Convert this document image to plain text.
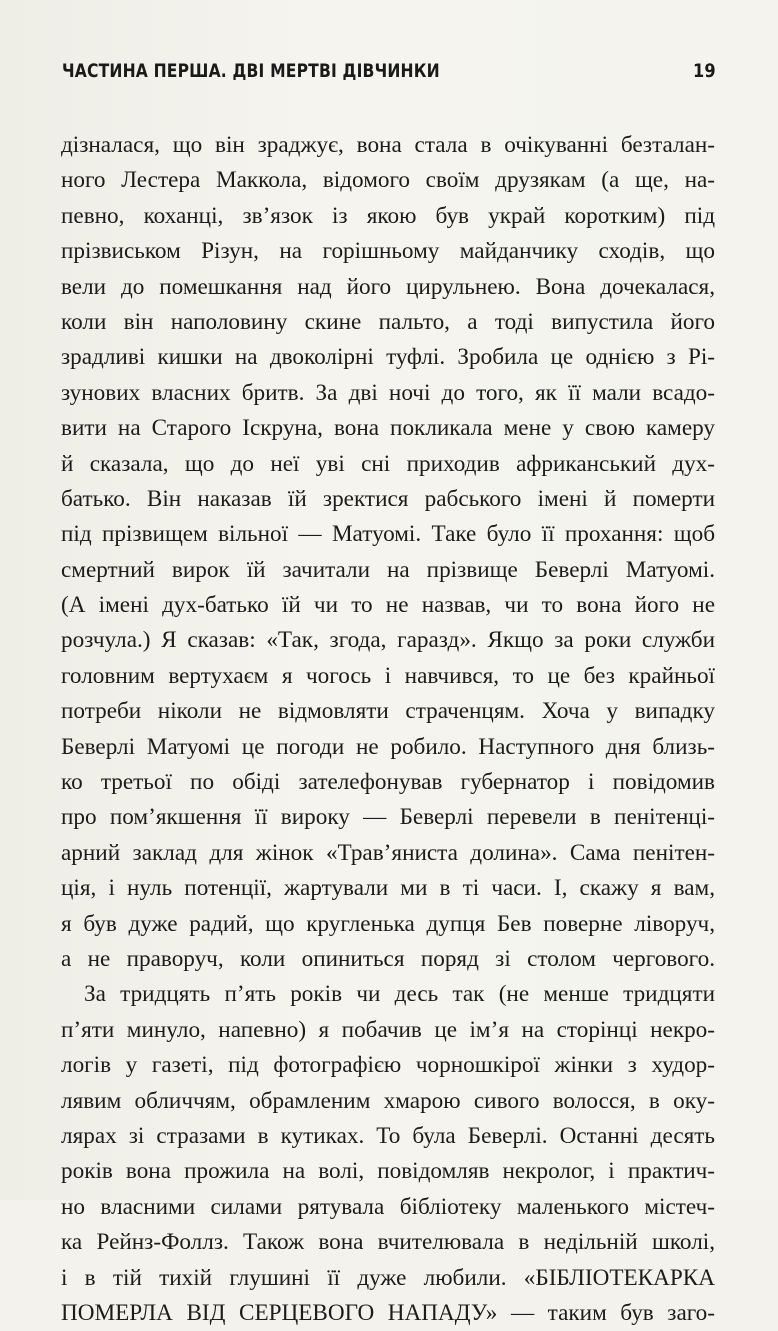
ЧАСТИНА ПЕРША. ДВІ МЕРТВІ ДІВЧИНКИ	19
дізналася, що він зраджує, вона стала в очікуванні безталан-
ного Лестера Макколa, відомого своїм друзякам (а ще, на-
певно, коханці, зв’язок із якою був украй коротким) під
прізвиськом Різун, на горішньому майданчику сходів, що
вели до помешкання над його цирульнею. Вона дочекалася,
коли він наполовину скине пальто, а тоді випустила його
зрадливі кишки на двоколірні туфлі. Зробила це однією з Рі-
зунових власних бритв. За дві ночі до того, як її мали всадо-
вити на Старого Іскруна, вона покликала мене у свою камеру
й сказала, що до неї уві сні приходив африканський дух-
батько. Він наказав їй зректися рабського імені й померти
під прізвищем вільної — Матуомі. Таке було її прохання: щоб
смертний вирок їй зачитали на прізвище Беверлі Матуомі.
(А імені дух-батько їй чи то не назвав, чи то вона його не
розчула.) Я сказав: «Так, згода, гаразд». Якщо за роки служби
головним вертухаєм я чогось і навчився, то це без крайньої
потреби ніколи не відмовляти страченцям. Хоча у випадку
Беверлі Матуомі це погоди не робило. Наступного дня близь-
ко третьої по обіді зателефонував губернатор і повідомив
про пом’якшення її вироку — Беверлі перевели в пенітенці-
арний заклад для жінок «Трав’яниста долина». Сама пенітен-
ція, і нуль потенції, жартували ми в ті часи. І, скажу я вам,
я був дуже радий, що кругленька дупця Бев поверне ліворуч,
а не праворуч, коли опиниться поряд зі столом чергового.
За тридцять п’ять років чи десь так (не менше тридцяти
п’яти минуло, напевно) я побачив це ім’я на сторінці некро-
логів у газеті, під фотографією чорношкірої жінки з худор-
лявим обличчям, обрамленим хмарою сивого волосся, в оку-
лярах зі стразами в кутиках. То була Беверлі. Останні десять
років вона прожила на волі, повідомляв некролог, і практич-
но власними силами рятувала бібліотеку маленького містеч-
ка Рейнз-Фоллз. Також вона вчителювала в недільній школі,
і в тій тихій глушині її дуже любили. «БІБЛІОТЕКАРКА
ПОМЕРЛА ВІД СЕРЦЕВОГО НАПАДУ» — таким був заго-
